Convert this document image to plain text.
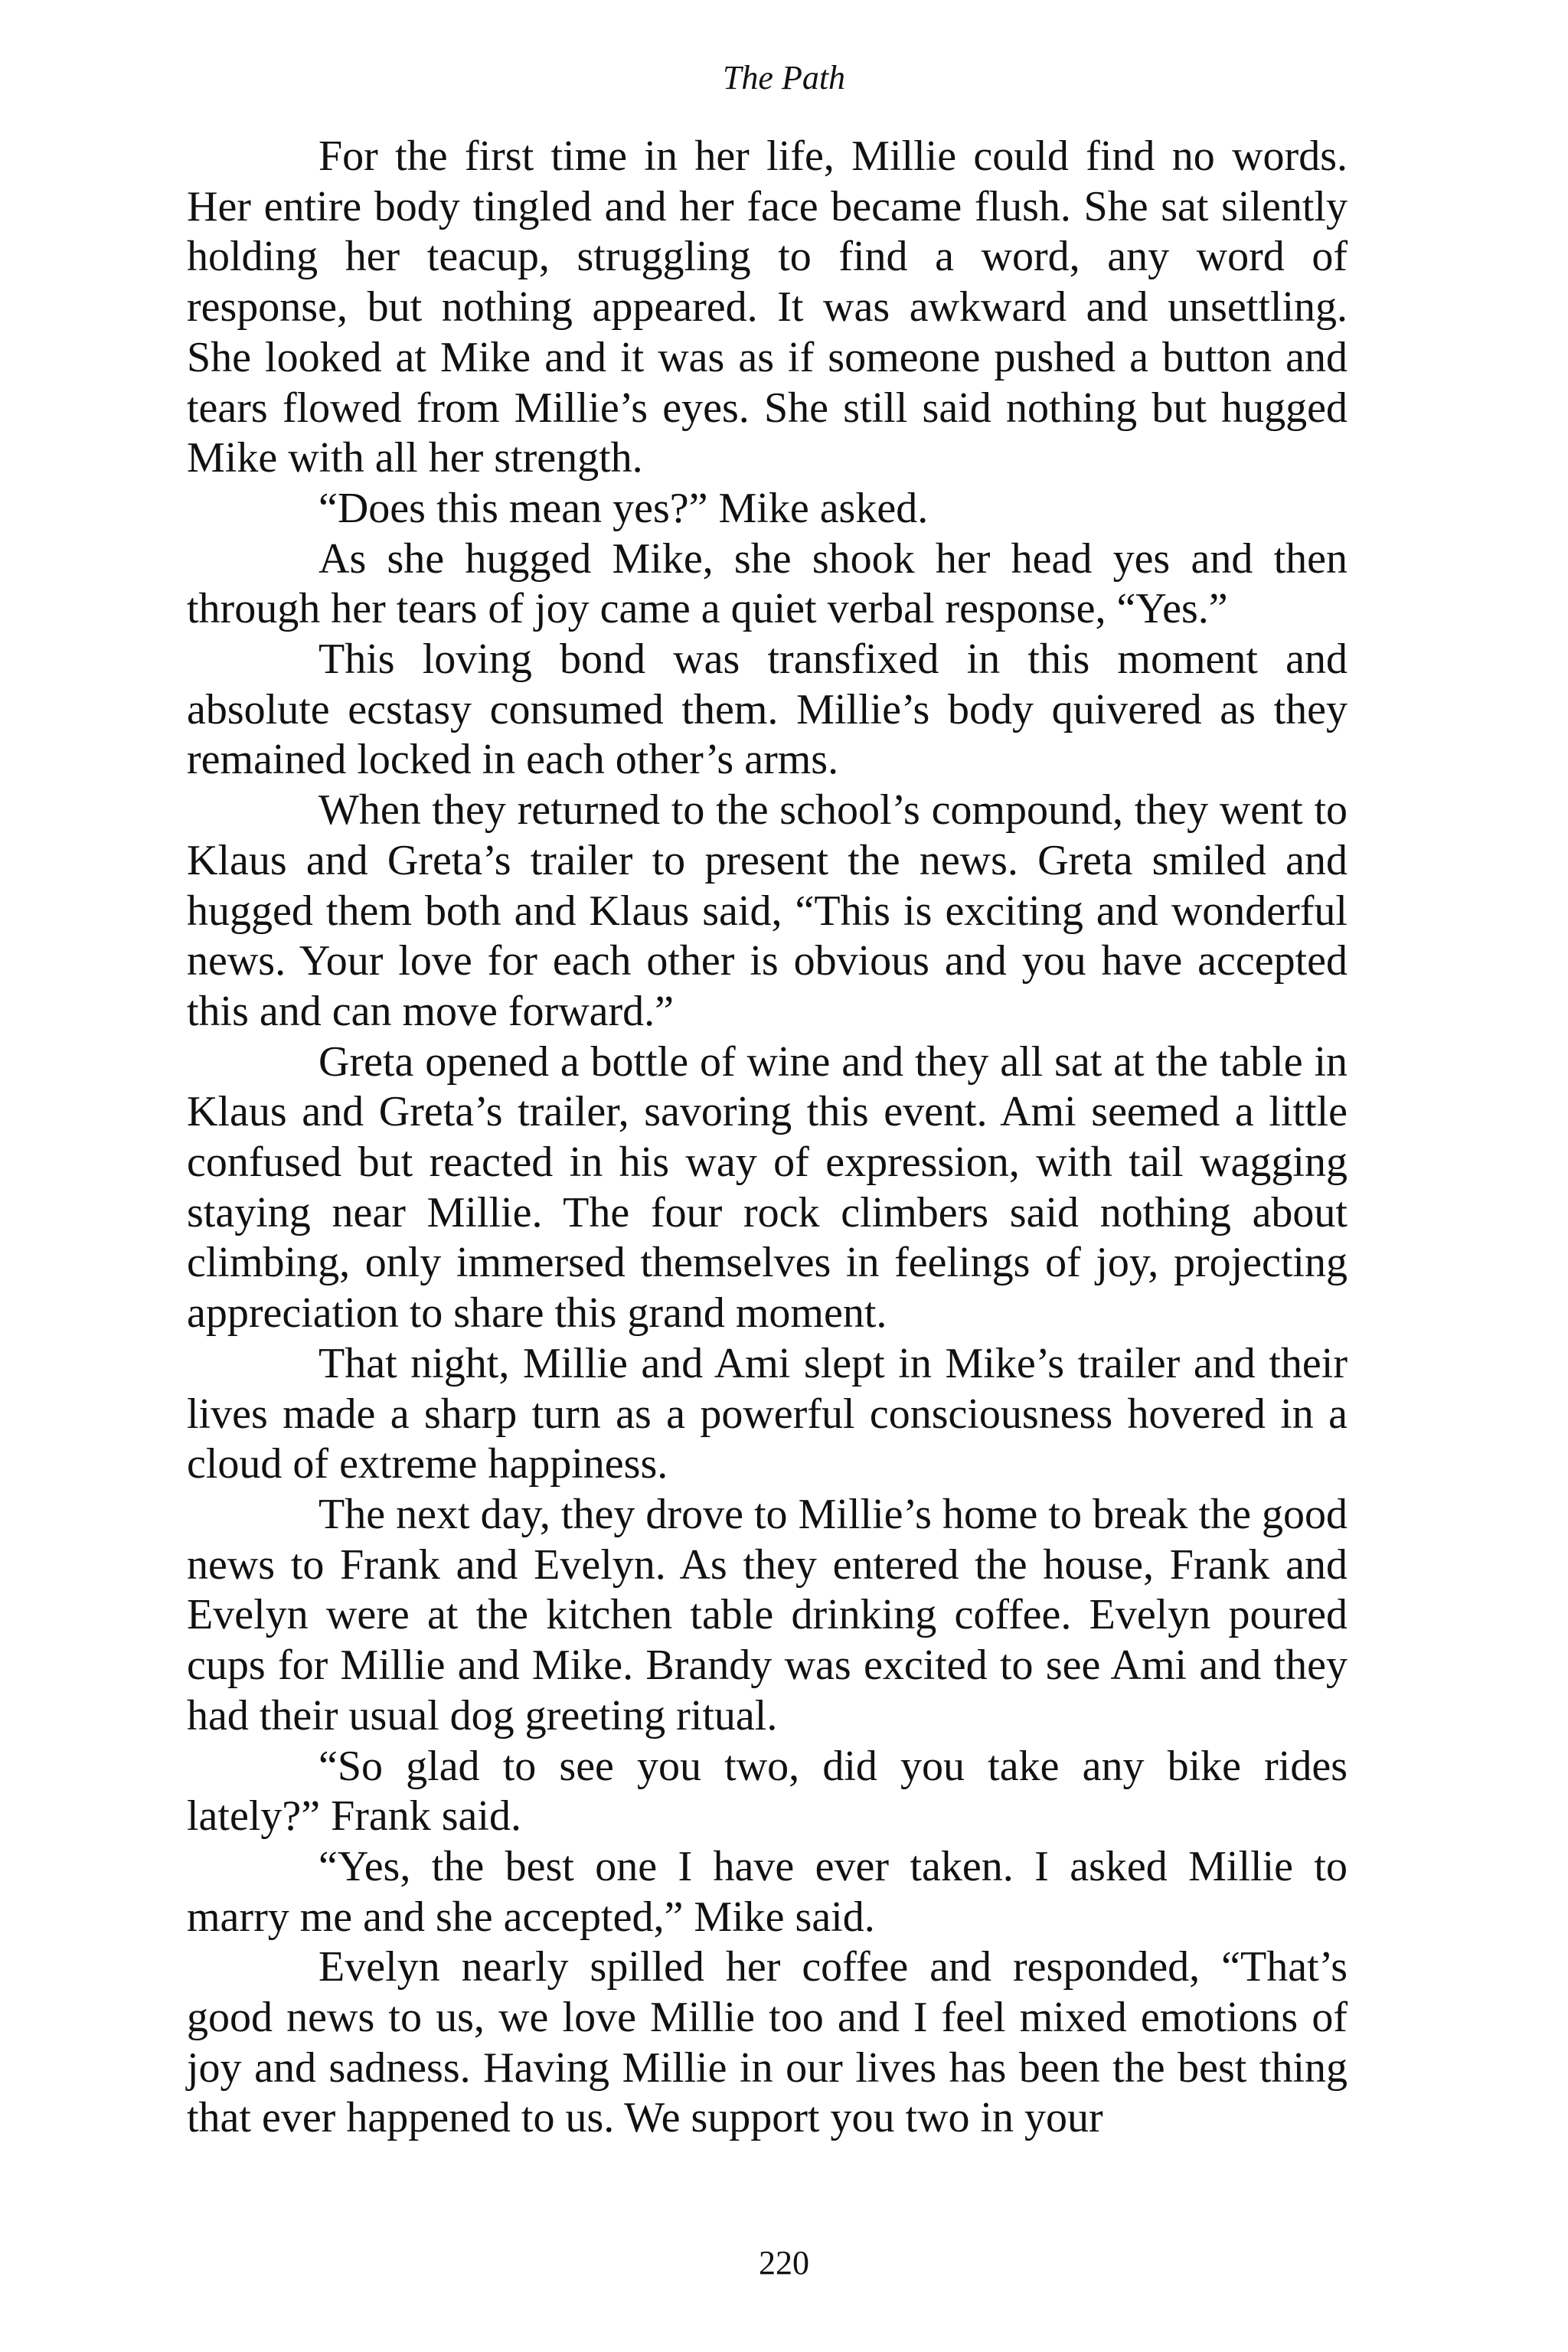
The Path

For the first time in her life, Millie could find no words. Her entire body tingled and her face became flush. She sat silently holding her teacup, struggling to find a word, any word of response, but nothing appeared. It was awkward and unsettling. She looked at Mike and it was as if someone pushed a button and tears flowed from Millie’s eyes. She still said nothing but hugged Mike with all her strength.

“Does this mean yes?” Mike asked.

As she hugged Mike, she shook her head yes and then through her tears of joy came a quiet verbal response, “Yes.”

This loving bond was transfixed in this moment and absolute ecstasy consumed them. Millie’s body quivered as they remained locked in each other’s arms.

When they returned to the school’s compound, they went to Klaus and Greta’s trailer to present the news. Greta smiled and hugged them both and Klaus said, “This is exciting and wonderful news. Your love for each other is obvious and you have accepted this and can move forward.”

Greta opened a bottle of wine and they all sat at the table in Klaus and Greta’s trailer, savoring this event. Ami seemed a little confused but reacted in his way of expression, with tail wagging staying near Millie. The four rock climbers said nothing about climbing, only immersed themselves in feelings of joy, projecting appreciation to share this grand moment.

That night, Millie and Ami slept in Mike’s trailer and their lives made a sharp turn as a powerful consciousness hovered in a cloud of extreme happiness.

The next day, they drove to Millie’s home to break the good news to Frank and Evelyn. As they entered the house, Frank and Evelyn were at the kitchen table drinking coffee. Evelyn poured cups for Millie and Mike. Brandy was excited to see Ami and they had their usual dog greeting ritual.

“So glad to see you two, did you take any bike rides lately?” Frank said.

“Yes, the best one I have ever taken. I asked Millie to marry me and she accepted,” Mike said.

Evelyn nearly spilled her coffee and responded, “That’s good news to us, we love Millie too and I feel mixed emotions of joy and sadness. Having Millie in our lives has been the best thing that ever happened to us. We support you two in your

220
